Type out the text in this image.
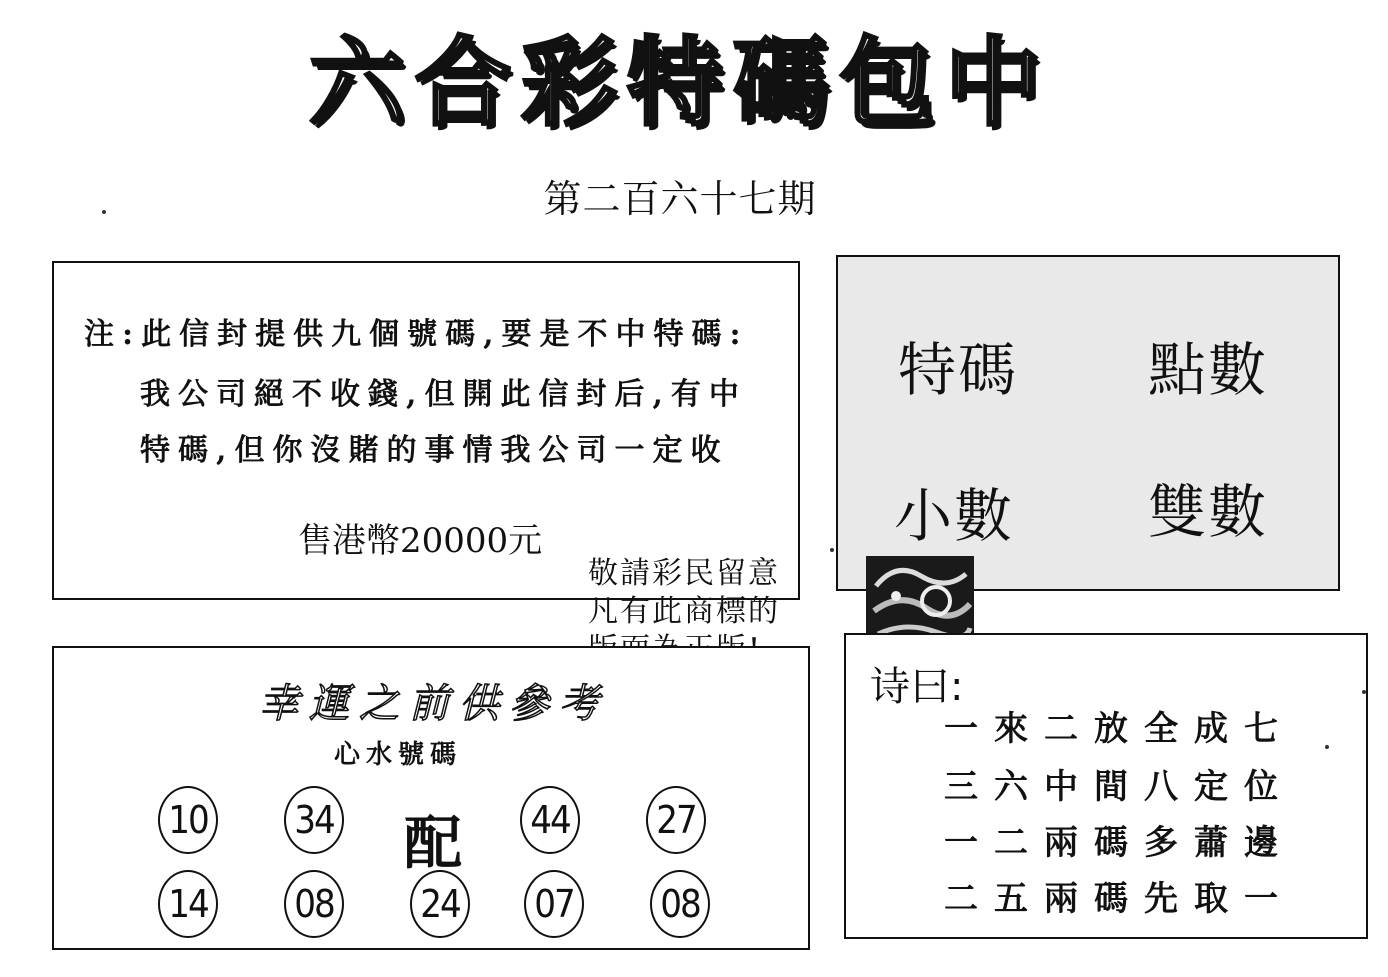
六合彩特碼包中
第二百六十七期
注:此信封提供九個號碼,要是不中特碼:
我公司絕不收錢,但開此信封后,有中
特碼,但你沒賭的事情我公司一定收
售港幣20000元
特碼 點數
小數 雙數
敬請彩民留意
凡有此商標的
幸運之前供參考
心水號碼
10 34 配 44 27
14 08 24 07 08
诗曰:
一來二放全成七
三六中間八定位
一二兩碼多蕭邊
二五兩碼先取一
